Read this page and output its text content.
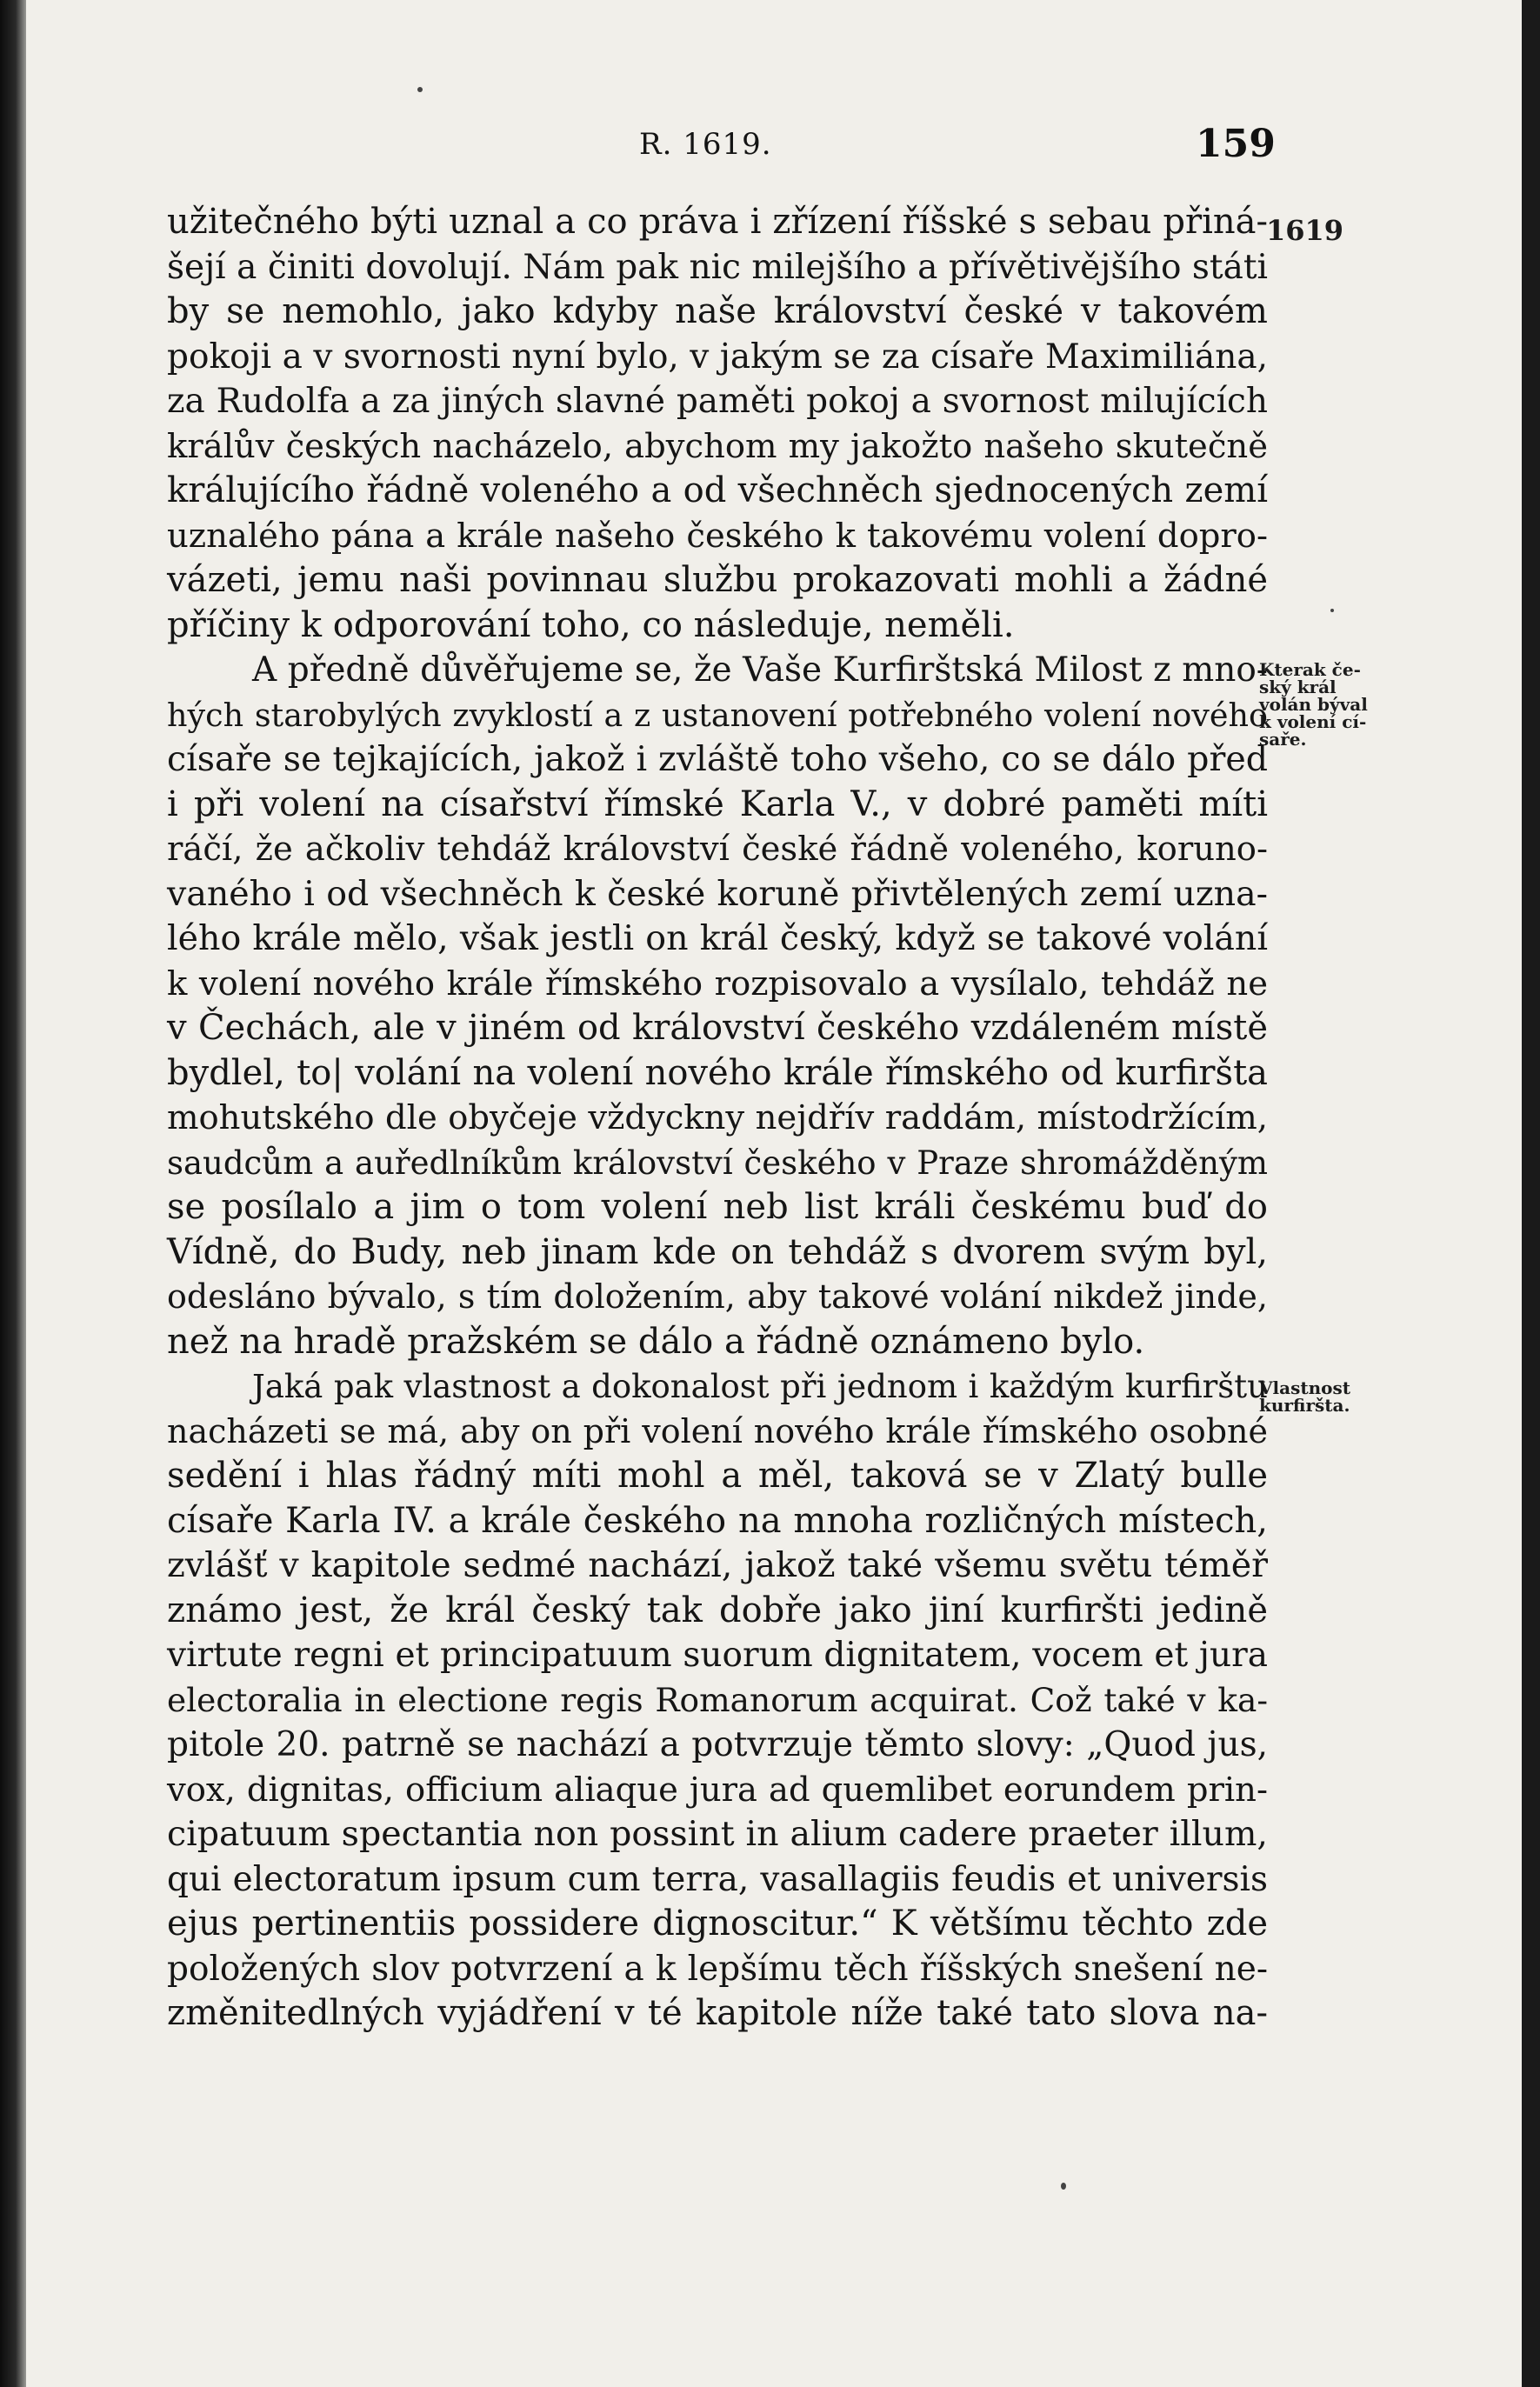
R. 1619.	159
1619
Kterak če-
ský král
volán býval
k volení cí-
saře.
Vlastnost
kurfiršta.
užitečného býti uznal a co práva i zřízení říšské s sebau přiná-
šejí a činiti dovolují. Nám pak nic milejšího a přívětivějšího státi
by se nemohlo, jako kdyby naše království české v takovém
pokoji a v svornosti nyní bylo, v jakým se za císaře Maximiliána,
za Rudolfa a za jiných slavné paměti pokoj a svornost milujících
králův českých nacházelo, abychom my jakožto našeho skutečně
králujícího řádně voleného a od všechněch sjednocených zemí
uznalého pána a krále našeho českého k takovému volení dopro-
vázeti, jemu naši povinnau službu prokazovati mohli a žádné
příčiny k odporování toho, co následuje, neměli.
A předně důvěřujeme se, že Vaše Kurfirštská Milost z mno-
hých starobylých zvyklostí a z ustanovení potřebného volení nového
císaře se tejkajících, jakož i zvláště toho všeho, co se dálo před
i při volení na císařství římské Karla V., v dobré paměti míti
ráčí, že ačkoliv tehdáž království české řádně voleného, koruno-
vaného i od všechněch k české koruně přivtělených zemí uzna-
lého krále mělo, však jestli on král český, když se takové volání
k volení nového krále římského rozpisovalo a vysílalo, tehdáž ne
v Čechách, ale v jiném od království českého vzdáleném místě
bydlel, to| volání na volení nového krále římského od kurfiršta
mohutského dle obyčeje vždyckny nejdřív raddám, místodržícím,
saudcům a auředlníkům království českého v Praze shromážděným
se posílalo a jim o tom volení neb list králi českému buď do
Vídně, do Budy, neb jinam kde on tehdáž s dvorem svým byl,
odesláno bývalo, s tím doložením, aby takové volání nikdež jinde,
než na hradě pražském se dálo a řádně oznámeno bylo.
Jaká pak vlastnost a dokonalost při jednom i každým kurfirštu
nacházeti se má, aby on při volení nového krále římského osobné
sedění i hlas řádný míti mohl a měl, taková se v Zlatý bulle
císaře Karla IV. a krále českého na mnoha rozličných místech,
zvlášť v kapitole sedmé nachází, jakož také všemu světu téměř
známo jest, že král český tak dobře jako jiní kurfiršti jedině
virtute regni et principatuum suorum dignitatem, vocem et jura
electoralia in electione regis Romanorum acquirat. Což také v ka-
pitole 20. patrně se nachází a potvrzuje těmto slovy: „Quod jus,
vox, dignitas, officium aliaque jura ad quemlibet eorundem prin-
cipatuum spectantia non possint in alium cadere praeter illum,
qui electoratum ipsum cum terra, vasallagiis feudis et universis
ejus pertinentiis possidere dignoscitur.“ K většímu těchto zde
položených slov potvrzení a k lepšímu těch říšských snešení ne-
změnitedlných vyjádření v té kapitole níže také tato slova na-
